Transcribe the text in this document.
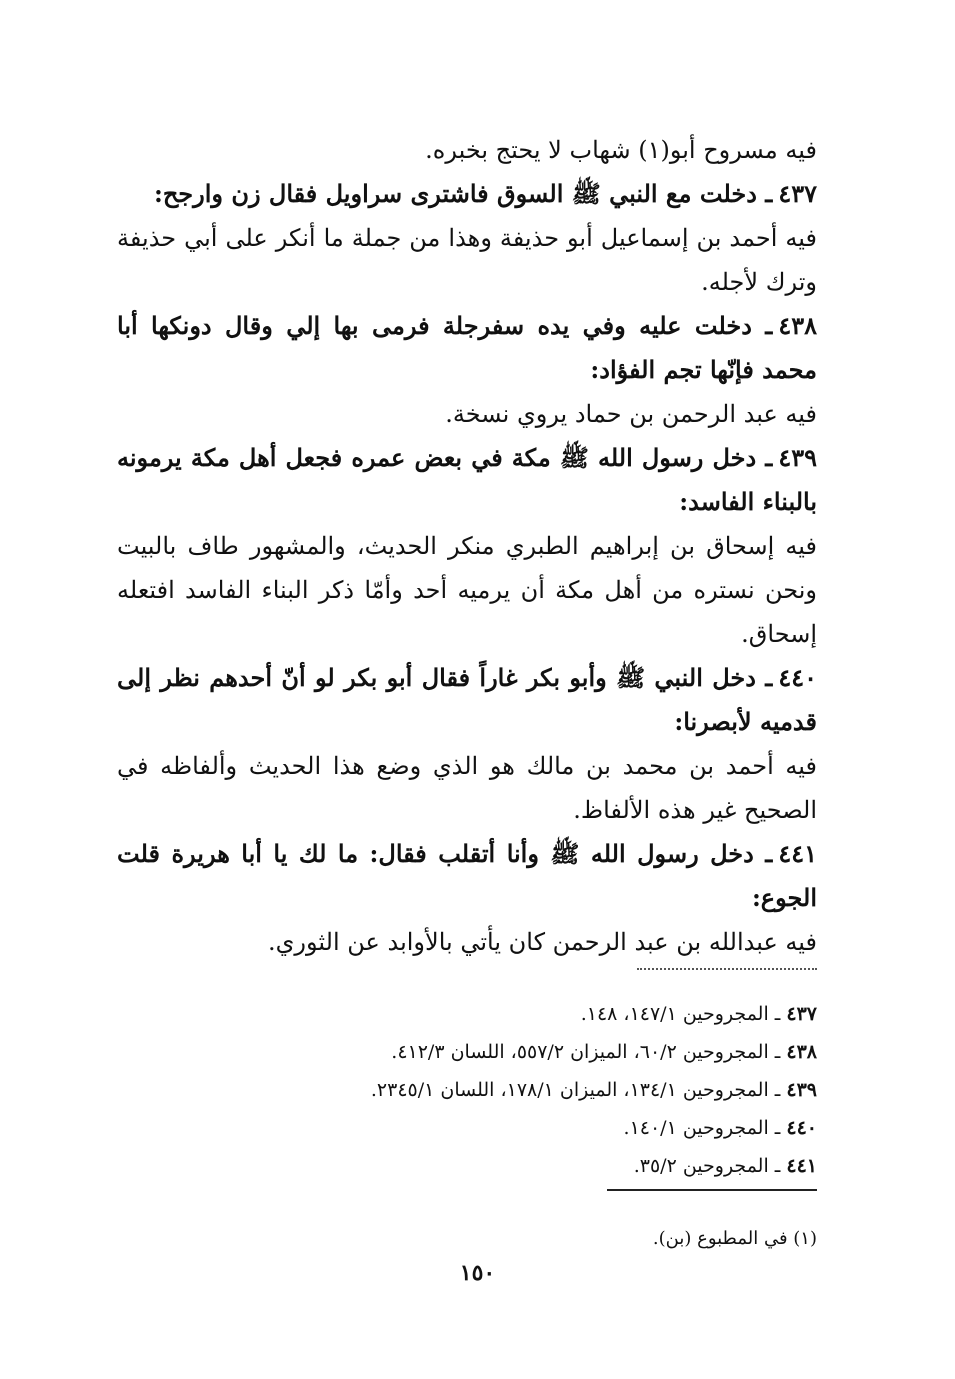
فيه مسروح أبو(١) شهاب لا يحتج بخبره.

٤٣٧ـ دخلت مع النبي ﷺ السوق فاشترى سراويل فقال زن وارجح:

فيه أحمد بن إسماعيل أبو حذيفة وهذا من جملة ما أنكر على أبي حذيفة وترك لأجله.

٤٣٨ـ دخلت عليه وفي يده سفرجلة فرمى بها إلي وقال دونكها أبا محمد فإنّها تجم الفؤاد:

فيه عبد الرحمن بن حماد يروي نسخة.

٤٣٩ـ دخل رسول الله ﷺ مكة في بعض عمره فجعل أهل مكة يرمونه بالبناء الفاسد:

فيه إسحاق بن إبراهيم الطبري منكر الحديث، والمشهور طاف بالبيت ونحن نستره من أهل مكة أن يرميه أحد وأمّا ذكر البناء الفاسد افتعله إسحاق.

٤٤٠ـ دخل النبي ﷺ وأبو بكر غاراً فقال أبو بكر لو أنّ أحدهم نظر إلى قدميه لأبصرنا:

فيه أحمد بن محمد بن مالك هو الذي وضع هذا الحديث وألفاظه في الصحيح غير هذه الألفاظ.

٤٤١ـ دخل رسول الله ﷺ وأنا أتقلب فقال: ما لك يا أبا هريرة قلت الجوع:

فيه عبدالله بن عبد الرحمن كان يأتي بالأوابد عن الثوري.

٤٣٧ـ المجروحين ١٤٧/١، ١٤٨.

٤٣٨ـ المجروحين ٦٠/٢، الميزان ٥٥٧/٢، اللسان ٤١٢/٣.

٤٣٩ـ المجروحين ١٣٤/١، الميزان ١٧٨/١، اللسان ٢٣٤٥/١.

٤٤٠ـ المجروحين ١٤٠/١.

٤٤١ـ المجروحين ٣٥/٢.

(١) في المطبوع (بن).

١٥٠
